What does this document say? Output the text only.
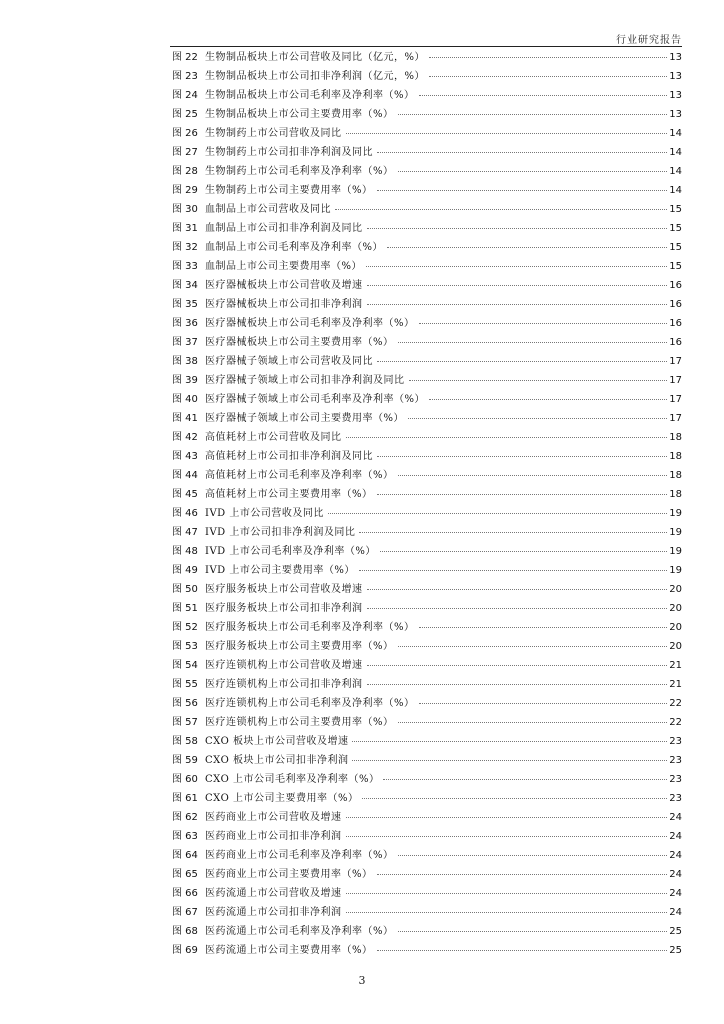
行业研究报告
图 22 生物制品板块上市公司营收及同比（亿元，%）	13
图 23 生物制品板块上市公司扣非净利润（亿元，%）	13
图 24 生物制品板块上市公司毛利率及净利率（%）	13
图 25 生物制品板块上市公司主要费用率（%）	13
图 26 生物制药上市公司营收及同比	14
图 27 生物制药上市公司扣非净利润及同比	14
图 28 生物制药上市公司毛利率及净利率（%）	14
图 29 生物制药上市公司主要费用率（%）	14
图 30 血制品上市公司营收及同比	15
图 31 血制品上市公司扣非净利润及同比	15
图 32 血制品上市公司毛利率及净利率（%）	15
图 33 血制品上市公司主要费用率（%）	15
图 34 医疗器械板块上市公司营收及增速	16
图 35 医疗器械板块上市公司扣非净利润	16
图 36 医疗器械板块上市公司毛利率及净利率（%）	16
图 37 医疗器械板块上市公司主要费用率（%）	16
图 38 医疗器械子领域上市公司营收及同比	17
图 39 医疗器械子领域上市公司扣非净利润及同比	17
图 40 医疗器械子领域上市公司毛利率及净利率（%）	17
图 41 医疗器械子领域上市公司主要费用率（%）	17
图 42 高值耗材上市公司营收及同比	18
图 43 高值耗材上市公司扣非净利润及同比	18
图 44 高值耗材上市公司毛利率及净利率（%）	18
图 45 高值耗材上市公司主要费用率（%）	18
图 46 IVD 上市公司营收及同比	19
图 47 IVD 上市公司扣非净利润及同比	19
图 48 IVD 上市公司毛利率及净利率（%）	19
图 49 IVD 上市公司主要费用率（%）	19
图 50 医疗服务板块上市公司营收及增速	20
图 51 医疗服务板块上市公司扣非净利润	20
图 52 医疗服务板块上市公司毛利率及净利率（%）	20
图 53 医疗服务板块上市公司主要费用率（%）	20
图 54 医疗连锁机构上市公司营收及增速	21
图 55 医疗连锁机构上市公司扣非净利润	21
图 56 医疗连锁机构上市公司毛利率及净利率（%）	22
图 57 医疗连锁机构上市公司主要费用率（%）	22
图 58 CXO 板块上市公司营收及增速	23
图 59 CXO 板块上市公司扣非净利润	23
图 60 CXO 上市公司毛利率及净利率（%）	23
图 61 CXO 上市公司主要费用率（%）	23
图 62 医药商业上市公司营收及增速	24
图 63 医药商业上市公司扣非净利润	24
图 64 医药商业上市公司毛利率及净利率（%）	24
图 65 医药商业上市公司主要费用率（%）	24
图 66 医药流通上市公司营收及增速	24
图 67 医药流通上市公司扣非净利润	24
图 68 医药流通上市公司毛利率及净利率（%）	25
图 69 医药流通上市公司主要费用率（%）	25
3
